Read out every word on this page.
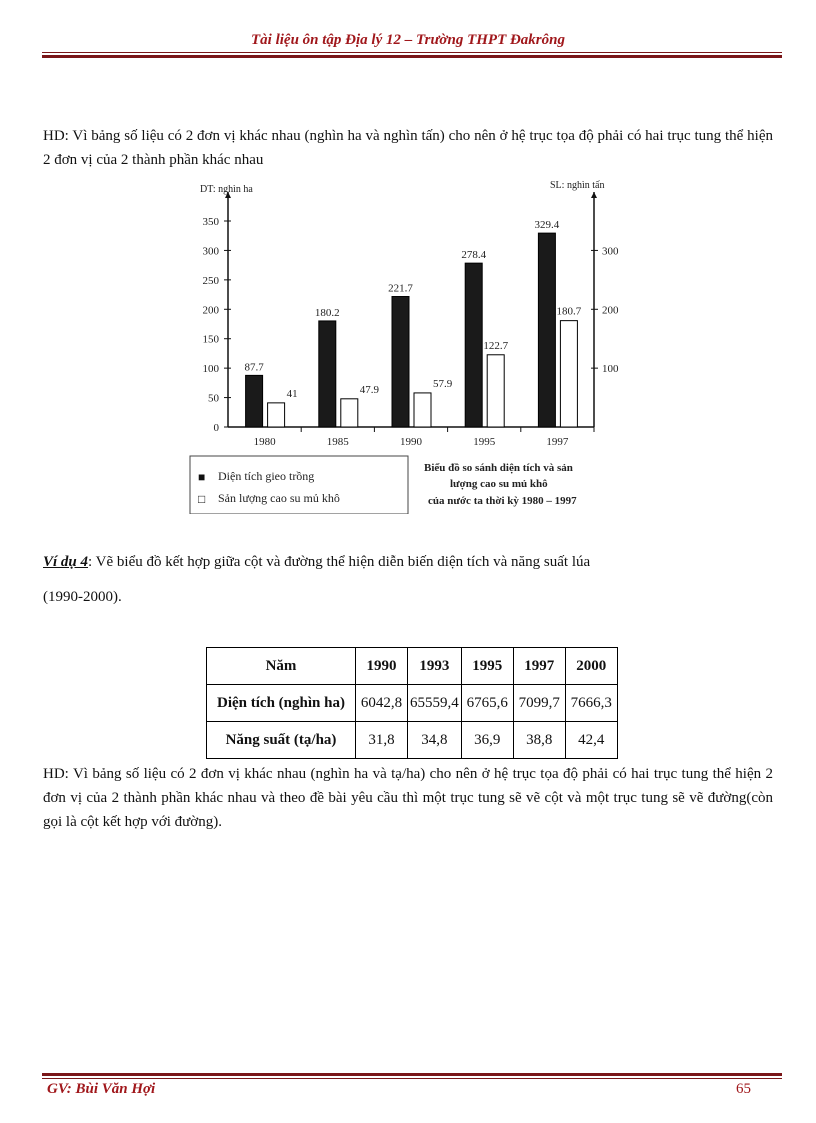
Tài liệu ôn tập Địa lý 12 – Trường THPT Đakrông
HD: Vì bảng số liệu có 2 đơn vị khác nhau (nghìn ha và nghìn tấn) cho nên ở hệ trục tọa độ phải có hai trục tung thể hiện 2 đơn vị của 2 thành phần khác nhau
0
50
100
150
200
250
300
350
100
200
300
1980	1985	1990	1995	1997
87.7
41
180.2
47.9
221.7
57.9
278.4
122.7
329.4
180.7
DT: nghìn ha	SL: nghìn tấn
■ Diện tích gieo trồng
□ Sản lượng cao su mủ khô
Biểu đồ so sánh diện tích và sản
lượng cao su mủ khô
của nước ta thời kỳ 1980 – 1997
Ví dụ 4: Vẽ biểu đồ kết hợp giữa cột và đường thể hiện diễn biến diện tích và năng suất lúa
(1990-2000).
Năm	1990	1993	1995	1997	2000
Diện tích (nghìn ha)	6042,8	65559,4	6765,6	7099,7	7666,3
Năng suất (tạ/ha)	31,8	34,8	36,9	38,8	42,4
HD: Vì bảng số liệu có 2 đơn vị khác nhau (nghìn ha và tạ/ha) cho nên ở hệ trục tọa độ phải có hai trục tung thể hiện 2 đơn vị của 2 thành phần khác nhau và theo đề bài yêu cầu thì một trục tung sẽ vẽ cột và một trục tung sẽ vẽ đường(còn gọi là cột kết hợp với đường).
GV: Bùi Văn Hợi	65
